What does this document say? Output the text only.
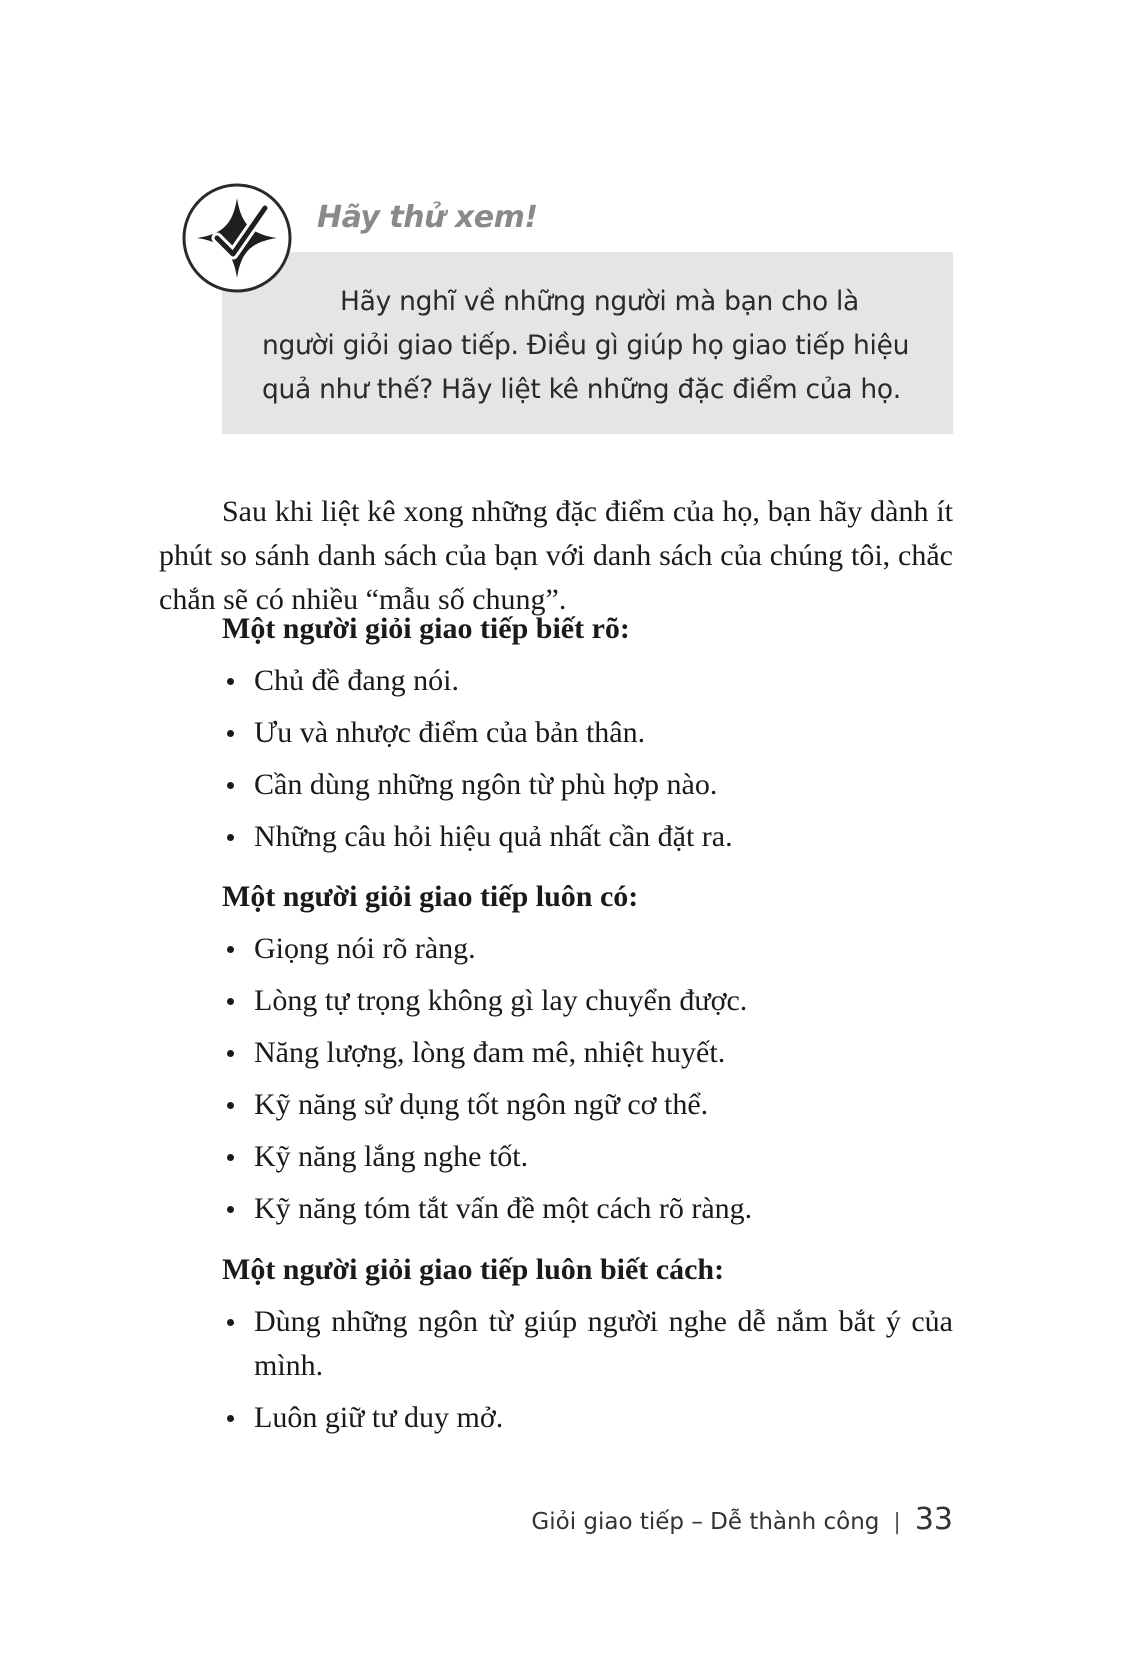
Hãy nghĩ về những người mà bạn cho là người giỏi giao tiếp. Điều gì giúp họ giao tiếp hiệu quả như thế? Hãy liệt kê những đặc điểm của họ.

Hãy thử xem!

Sau khi liệt kê xong những đặc điểm của họ, bạn hãy dành ít phút so sánh danh sách của bạn với danh sách của chúng tôi, chắc chắn sẽ có nhiều “mẫu số chung”.

Một người giỏi giao tiếp biết rõ:
Chủ đề đang nói.
Ưu và nhược điểm của bản thân.
Cần dùng những ngôn từ phù hợp nào.
Những câu hỏi hiệu quả nhất cần đặt ra.
Một người giỏi giao tiếp luôn có:
Giọng nói rõ ràng.
Lòng tự trọng không gì lay chuyển được.
Năng lượng, lòng đam mê, nhiệt huyết.
Kỹ năng sử dụng tốt ngôn ngữ cơ thể.
Kỹ năng lắng nghe tốt.
Kỹ năng tóm tắt vấn đề một cách rõ ràng.
Một người giỏi giao tiếp luôn biết cách:
Dùng những ngôn từ giúp người nghe dễ nắm bắt ý của mình.
Luôn giữ tư duy mở.
Giỏi giao tiếp – Dễ thành công | 33
